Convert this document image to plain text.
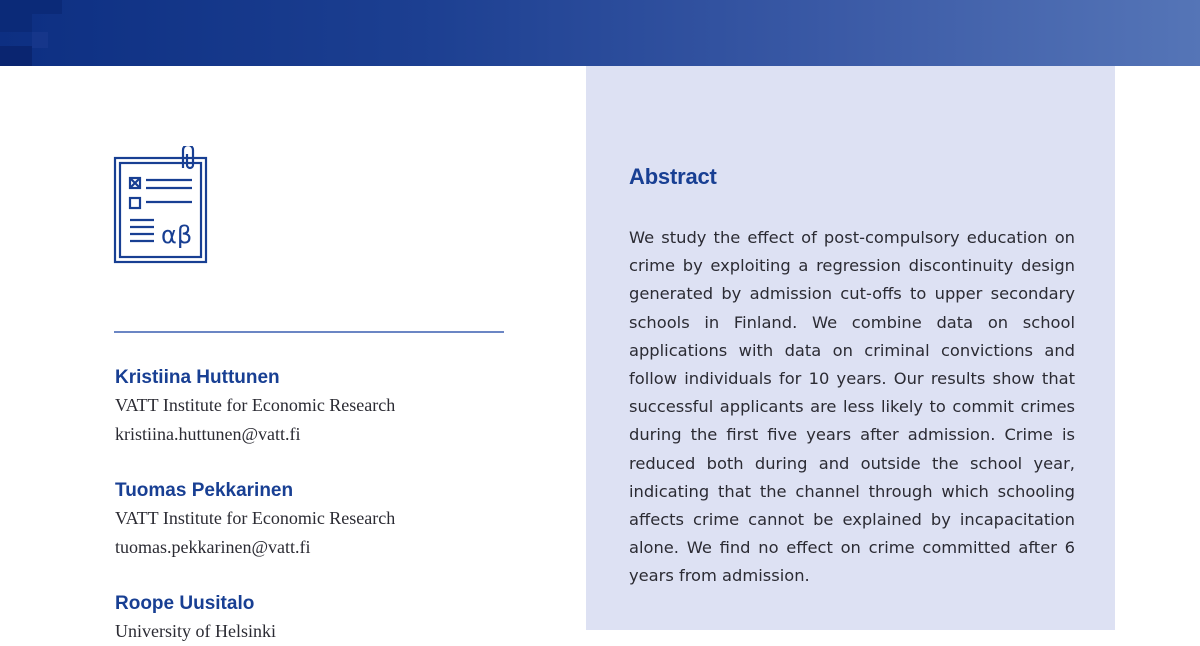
Abstract

We study the effect of post-compulsory education on crime by exploiting a regression discontinuity design generated by admission cut-offs to upper secondary schools in Finland. We combine data on school applications with data on criminal convictions and follow individuals for 10 years. Our results show that successful applicants are less likely to commit crimes during the first five years after admission. Crime is reduced both during and outside the school year, indicating that the channel through which schooling affects crime cannot be explained by incapacitation alone. We find no effect on crime committed after 6 years from admission.

αβ
Kristiina Huttunen
VATT Institute for Economic Research
kristiina.huttunen@vatt.fi
Tuomas Pekkarinen
VATT Institute for Economic Research
tuomas.pekkarinen@vatt.fi
Roope Uusitalo
University of Helsinki
